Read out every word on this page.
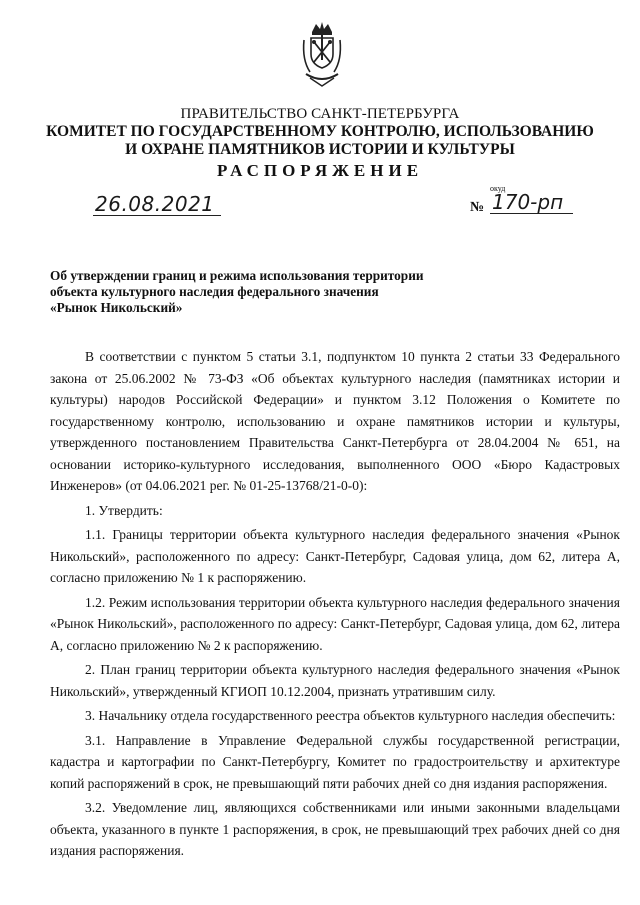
ПРАВИТЕЛЬСТВО САНКТ-ПЕТЕРБУРГА
КОМИТЕТ ПО ГОСУДАРСТВЕННОМУ КОНТРОЛЮ, ИСПОЛЬЗОВАНИЮ
И ОХРАНЕ ПАМЯТНИКОВ ИСТОРИИ И КУЛЬТУРЫ
РАСПОРЯЖЕНИЕ
26.08.2021
окуд
№ 170-рп
Об утверждении границ и режима использования территории
объекта культурного наследия федерального значения
«Рынок Никольский»

В соответствии с пунктом 5 статьи 3.1, подпунктом 10 пункта 2 статьи 33 Федерального закона от 25.06.2002 № 73-ФЗ «Об объектах культурного наследия (памятниках истории и культуры) народов Российской Федерации» и пунктом 3.12 Положения о Комитете по государственному контролю, использованию и охране памятников истории и культуры, утвержденного постановлением Правительства Санкт-Петербурга от 28.04.2004 № 651, на основании историко-культурного исследования, выполненного ООО «Бюро Кадастровых Инженеров» (от 04.06.2021 рег. № 01-25-13768/21-0-0):

1. Утвердить:

1.1. Границы территории объекта культурного наследия федерального значения «Рынок Никольский», расположенного по адресу: Санкт-Петербург, Садовая улица, дом 62, литера А, согласно приложению № 1 к распоряжению.

1.2. Режим использования территории объекта культурного наследия федерального значения «Рынок Никольский», расположенного по адресу: Санкт-Петербург, Садовая улица, дом 62, литера А, согласно приложению № 2 к распоряжению.

2. План границ территории объекта культурного наследия федерального значения «Рынок Никольский», утвержденный КГИОП 10.12.2004, признать утратившим силу.

3. Начальнику отдела государственного реестра объектов культурного наследия обеспечить:

3.1. Направление в Управление Федеральной службы государственной регистрации, кадастра и картографии по Санкт-Петербургу, Комитет по градостроительству и архитектуре копий распоряжений в срок, не превышающий пяти рабочих дней со дня издания распоряжения.

3.2. Уведомление лиц, являющихся собственниками или иными законными владельцами объекта, указанного в пункте 1 распоряжения, в срок, не превышающий трех рабочих дней со дня издания распоряжения.
